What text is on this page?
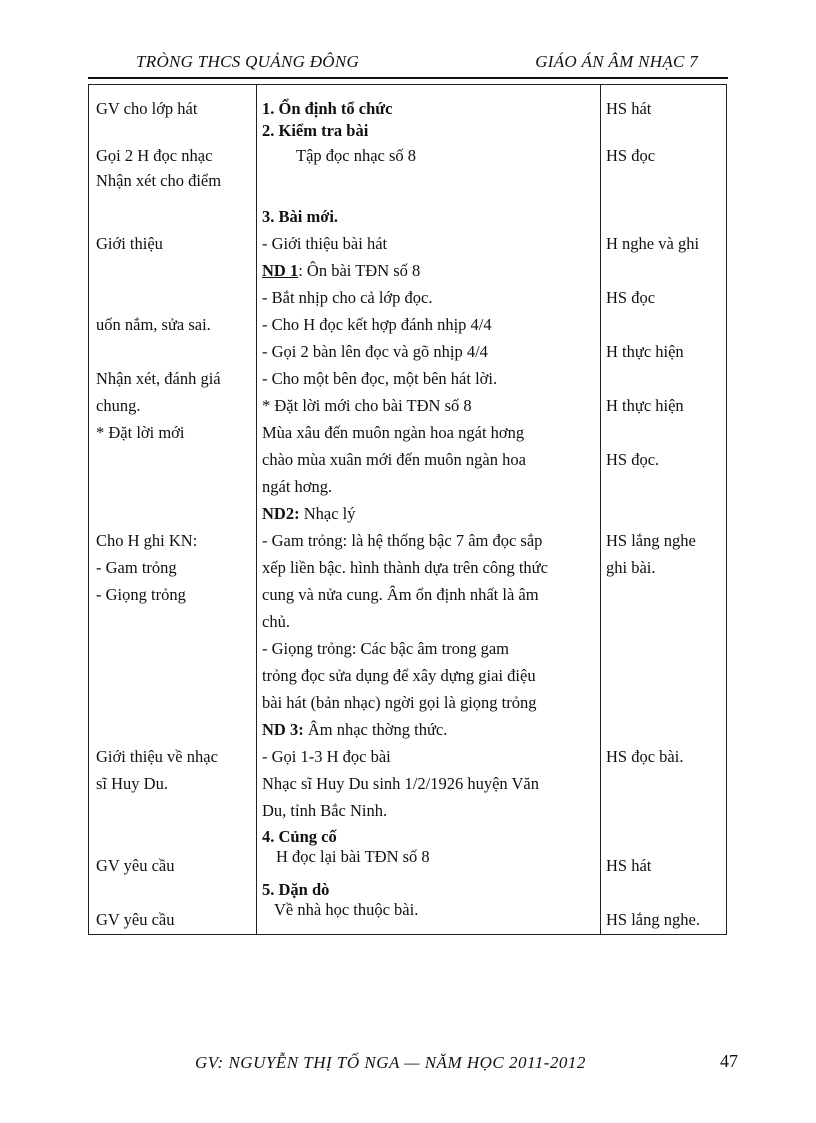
TRÒNG THCS QUẢNG ĐÔNG	GIÁO ÁN ÂM NHẠC 7
GV cho lớp hát
Gọi 2 H đọc nhạc
Nhận xét cho điểm
Giới thiệu
uốn nắm, sửa sai.
Nhận xét, đánh giá
chung.
* Đặt lời mới
Cho H ghi KN:
- Gam trỏng
- Giọng trỏng
Giới thiệu về nhạc
sĩ Huy Du.
GV yêu cầu
GV yêu cầu
1. Ổn định tổ chức
2. Kiểm tra bài
Tập đọc nhạc số 8
3. Bài mới.
- Giới thiệu bài hát
ND 1: Ôn bài TĐN số 8
- Bắt nhịp cho cả lớp đọc.
- Cho H đọc kết hợp đánh nhịp 4/4
- Gọi 2 bàn lên đọc và gõ nhịp 4/4
- Cho một bên đọc, một bên hát lời.
* Đặt lời mới cho bài TĐN số 8
Mùa xâu đến muôn ngàn hoa ngát hơng
chào mùa xuân mới đến muôn ngàn hoa
ngát hơng.
ND2: Nhạc lý
- Gam trỏng: là hệ thống bậc 7 âm đọc sắp
xếp liền bậc. hình thành dựa trên công thức
cung và nửa cung. Âm ổn định nhất là âm
chủ.
- Giọng trỏng: Các bậc âm trong gam
trỏng đọc sửa dụng để xây dựng giai điệu
bài hát (bản nhạc) ngời gọi là giọng trỏng
ND 3: Âm nhạc thờng thức.
- Gọi 1-3 H đọc bài
Nhạc sĩ Huy Du sinh 1/2/1926 huyện Văn
Du, tỉnh Bắc Ninh.
4. Củng cố
H đọc lại bài TĐN số 8
5. Dặn dò
Về nhà học thuộc bài.
HS hát
HS đọc
H nghe và ghi
HS đọc
H thực hiện
H thực hiện
HS đọc.
HS lắng nghe
ghi bài.
HS đọc bài.
HS hát
HS lắng nghe.
GV: NGUYỄN THỊ TỐ NGA — NĂM HỌC 2011-2012	47
